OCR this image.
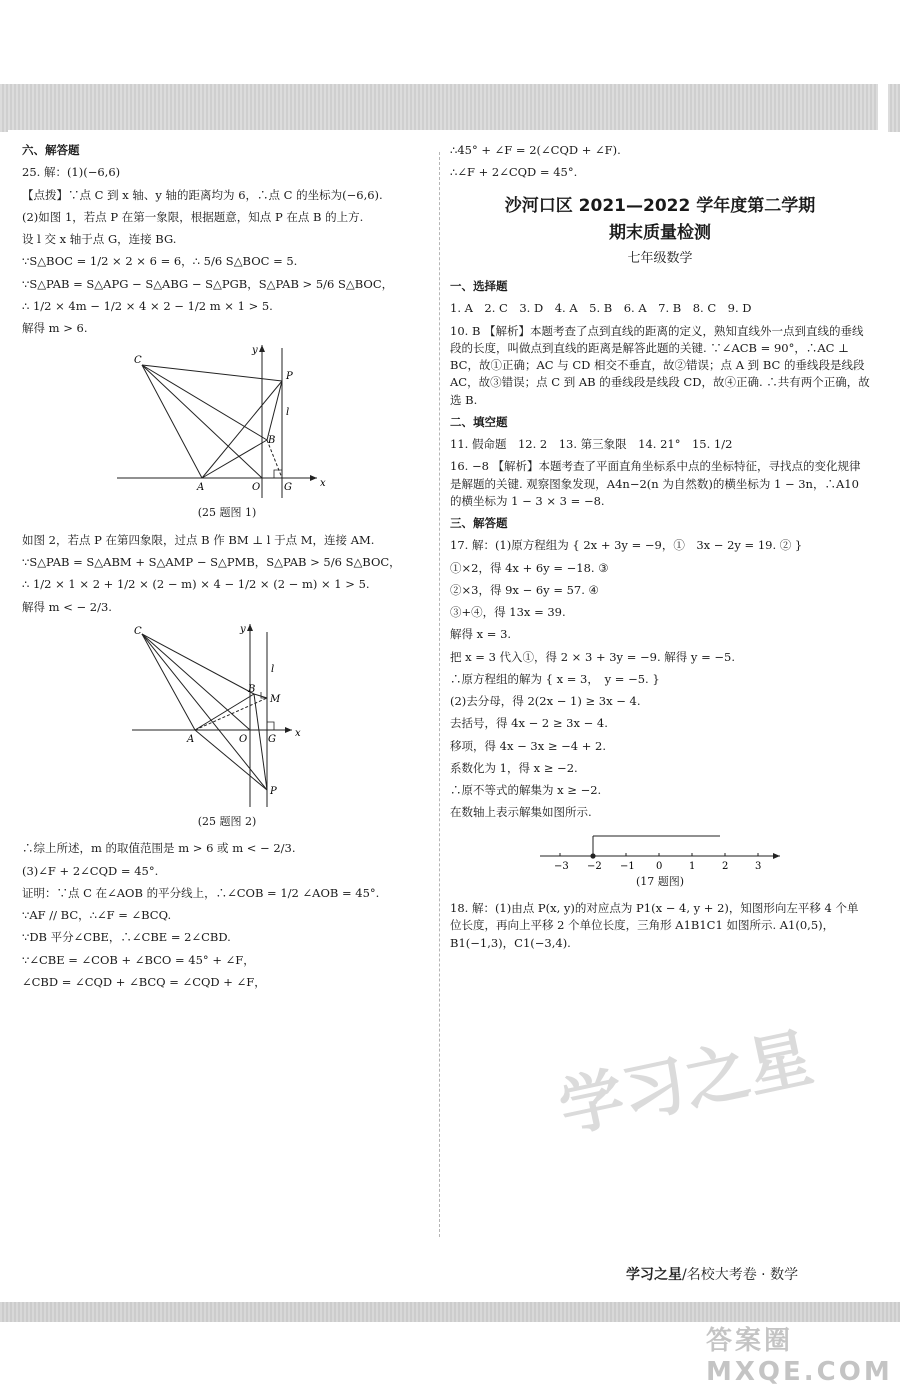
六、解答题

25. 解：(1)(−6,6)

【点拨】∵点 C 到 x 轴、y 轴的距离均为 6，∴点 C 的坐标为(−6,6).

(2)如图 1，若点 P 在第一象限，根据题意，知点 P 在点 B 的上方.

设 l 交 x 轴于点 G，连接 BG.

∵S△BOC = 1/2 × 2 × 6 = 6，∴ 5/6 S△BOC = 5.

∵S△PAB = S△APG − S△ABG − S△PGB，S△PAB > 5/6 S△BOC，

∴ 1/2 × 4m − 1/2 × 4 × 2 − 1/2 m × 1 > 5.

解得 m > 6.

C
P
l
B
A	O G	x
y

(25 题图 1)

如图 2，若点 P 在第四象限，过点 B 作 BM ⊥ l 于点 M，连接 AM.

∵S△PAB = S△ABM + S△AMP − S△PMB，S△PAB > 5/6 S△BOC，

∴ 1/2 × 1 × 2 + 1/2 × (2 − m) × 4 − 1/2 × (2 − m) × 1 > 5.

解得 m < − 2/3.

C
l
B
M
A	O G
P
x
y

(25 题图 2)

∴综上所述，m 的取值范围是 m > 6 或 m < − 2/3.

(3)∠F + 2∠CQD = 45°.

证明：∵点 C 在∠AOB 的平分线上，∴∠COB = 1/2 ∠AOB = 45°.

∵AF // BC，∴∠F = ∠BCQ.

∵DB 平分∠CBE，∴∠CBE = 2∠CBD.

∵∠CBE = ∠COB + ∠BCO = 45° + ∠F，

∠CBD = ∠CQD + ∠BCQ = ∠CQD + ∠F，

∴45° + ∠F = 2(∠CQD + ∠F).

∴∠F + 2∠CQD = 45°.

沙河口区 2021—2022 学年度第二学期

期末质量检测

七年级数学

一、选择题

1. A　2. C　3. D　4. A　5. B　6. A　7. B　8. C　9. D

10. B 【解析】本题考查了点到直线的距离的定义，熟知直线外一点到直线的垂线段的长度，叫做点到直线的距离是解答此题的关键. ∵∠ACB = 90°，∴AC ⊥ BC，故①正确；AC 与 CD 相交不垂直，故②错误；点 A 到 BC 的垂线段是线段 AC，故③错误；点 C 到 AB 的垂线段是线段 CD，故④正确. ∴共有两个正确，故选 B.

二、填空题

11. 假命题　12. 2　13. 第三象限　14. 21°　15. 1/2

16. −8 【解析】本题考查了平面直角坐标系中点的坐标特征，寻找点的变化规律是解题的关键. 观察图象发现，A4n−2(n 为自然数)的横坐标为 1 − 3n，∴A10 的横坐标为 1 − 3 × 3 = −8.

三、解答题

17. 解：(1)原方程组为 { 2x + 3y = −9，①　3x − 2y = 19. ② }

①×2，得 4x + 6y = −18. ③

②×3，得 9x − 6y = 57. ④

③+④，得 13x = 39.

解得 x = 3.

把 x = 3 代入①，得 2 × 3 + 3y = −9. 解得 y = −5.

∴原方程组的解为 { x = 3，　y = −5. }

(2)去分母，得 2(2x − 1) ≥ 3x − 4.

去括号，得 4x − 2 ≥ 3x − 4.

移项，得 4x − 3x ≥ −4 + 2.

系数化为 1，得 x ≥ −2.

∴原不等式的解集为 x ≥ −2.

在数轴上表示解集如图所示.

−3 −2 −1 0	1	2	3

(17 题图)

18. 解：(1)由点 P(x, y)的对应点为 P1(x − 4, y + 2)，知图形向左平移 4 个单位长度，再向上平移 2 个单位长度，三角形 A1B1C1 如图所示. A1(0,5)，B1(−1,3)，C1(−3,4).

学习之星
学习之星/名校大考卷 · 数学
答案圈 MXQE.COM
